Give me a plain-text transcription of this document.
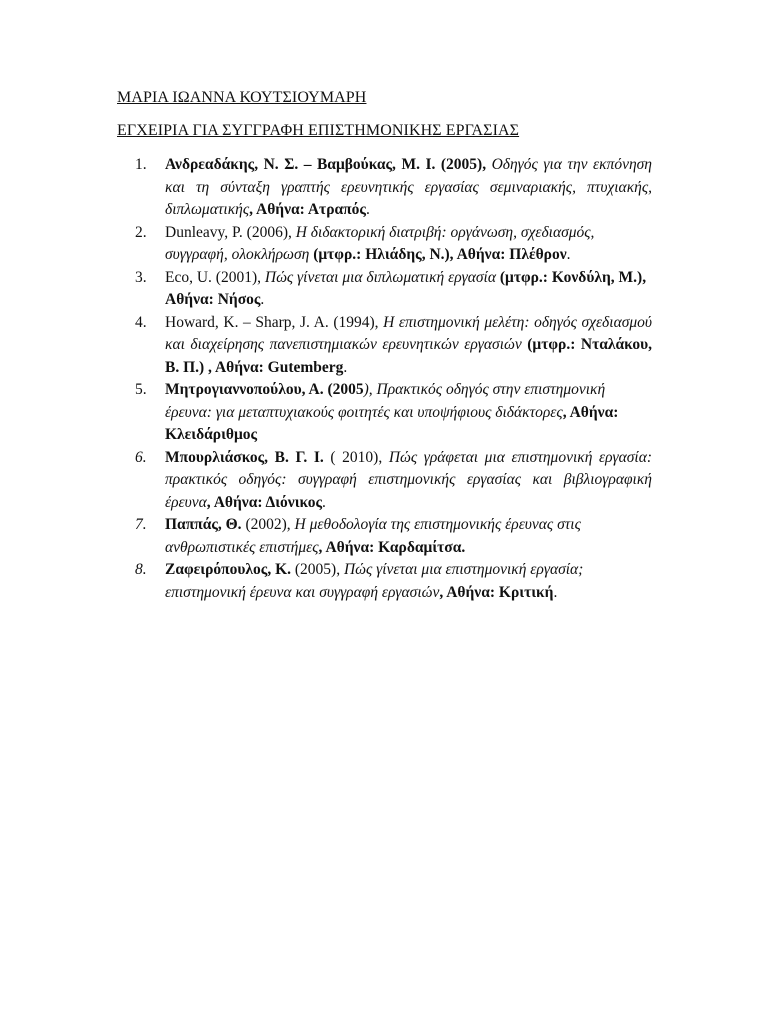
ΜΑΡΙΑ ΙΩΑΝΝΑ ΚΟΥΤΣΙΟΥΜΑΡΗ
ΕΓΧΕΙΡΙΑ ΓΙΑ ΣΥΓΓΡΑΦΗ ΕΠΙΣΤΗΜΟΝΙΚΗΣ ΕΡΓΑΣΙΑΣ
1.	Ανδρεαδάκης, Ν. Σ. – Βαμβούκας, Μ. Ι. (2005), Οδηγός για την εκπόνηση και τη σύνταξη γραπτής ερευνητικής εργασίας σεμιναριακής, πτυχιακής, διπλωματικής, Αθήνα: Ατραπός.
2.	Dunleavy, P. (2006), Η διδακτορική διατριβή: οργάνωση, σχεδιασμός, συγγραφή, ολοκλήρωση (μτφρ.: Ηλιάδης, Ν.), Αθήνα: Πλέθρον.
3.	Eco, U. (2001), Πώς γίνεται μια διπλωματική εργασία (μτφρ.: Κονδύλη, Μ.), Αθήνα: Νήσος.
4.	Howard, K. – Sharp, J. A. (1994), Η επιστημονική μελέτη: οδηγός σχεδιασμού και διαχείρησης πανεπιστημιακών ερευνητικών εργασιών (μτφρ.: Νταλάκου, Β. Π.) , Αθήνα: Gutemberg.
5.	Μητρογιαννοπούλου, Α. (2005), Πρακτικός οδηγός στην επιστημονική έρευνα: για μεταπτυχιακούς φοιτητές και υποψήφιους διδάκτορες, Αθήνα: Κλειδάριθμος
6.	Μπουρλιάσκος, Β. Γ. Ι. ( 2010), Πώς γράφεται μια επιστημονική εργασία: πρακτικός οδηγός: συγγραφή επιστημονικής εργασίας και βιβλιογραφική έρευνα, Αθήνα: Διόνικος.
7.	Παππάς, Θ. (2002), Η μεθοδολογία της επιστημονικής έρευνας στις ανθρωπιστικές επιστήμες, Αθήνα: Καρδαμίτσα.
8.	Ζαφειρόπουλος, Κ. (2005), Πώς γίνεται μια επιστημονική εργασία; επιστημονική έρευνα και συγγραφή εργασιών, Αθήνα: Κριτική.
